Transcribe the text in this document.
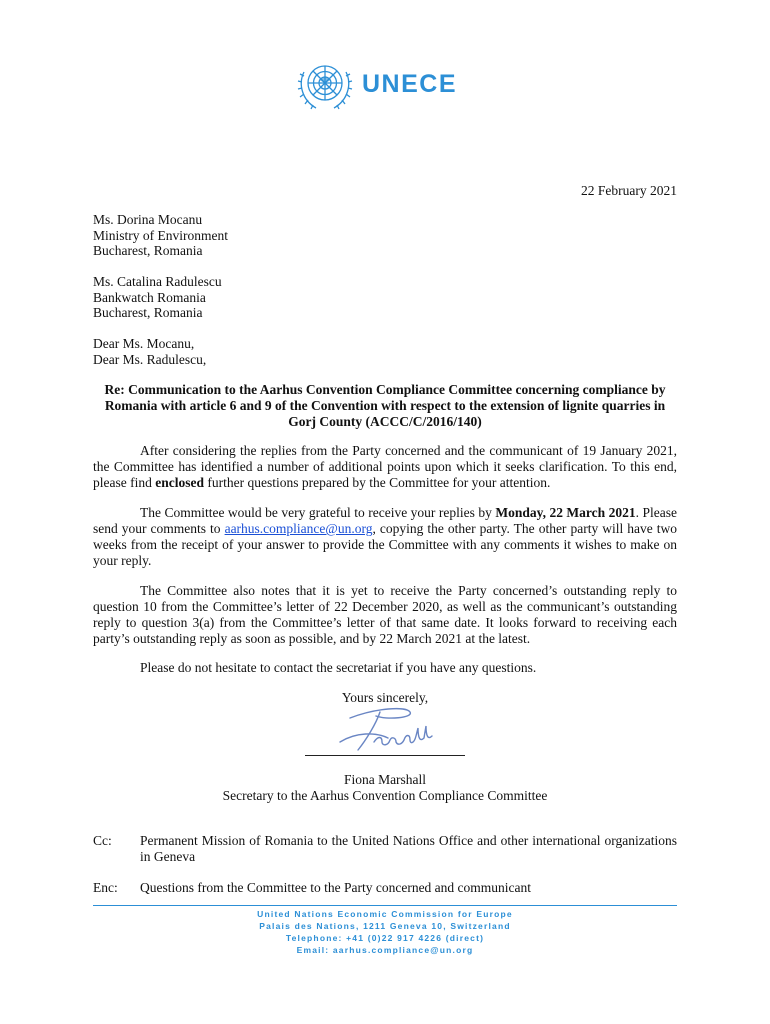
UNECE
22 February 2021
Ms. Dorina Mocanu
Ministry of Environment
Bucharest, Romania
Ms. Catalina Radulescu
Bankwatch Romania
Bucharest, Romania
Dear Ms. Mocanu,
Dear Ms. Radulescu,
Re: Communication to the Aarhus Convention Compliance Committee concerning compliance by Romania with article 6 and 9 of the Convention with respect to the extension of lignite quarries in Gorj County (ACCC/C/2016/140)

After considering the replies from the Party concerned and the communicant of 19 January 2021, the Committee has identified a number of additional points upon which it seeks clarification. To this end, please find enclosed further questions prepared by the Committee for your attention.

The Committee would be very grateful to receive your replies by Monday, 22 March 2021. Please send your comments to aarhus.compliance@un.org, copying the other party. The other party will have two weeks from the receipt of your answer to provide the Committee with any comments it wishes to make on your reply.

The Committee also notes that it is yet to receive the Party concerned’s outstanding reply to question 10 from the Committee’s letter of 22 December 2020, as well as the communicant’s outstanding reply to question 3(a) from the Committee’s letter of that same date. It looks forward to receiving each party’s outstanding reply as soon as possible, and by 22 March 2021 at the latest.

Please do not hesitate to contact the secretariat if you have any questions.

Yours sincerely,
Fiona Marshall
Secretary to the Aarhus Convention Compliance Committee
Cc:	Permanent Mission of Romania to the United Nations Office and other international organizations in Geneva
Enc:	Questions from the Committee to the Party concerned and communicant
United Nations Economic Commission for Europe
Palais des Nations, 1211 Geneva 10, Switzerland
Telephone: +41 (0)22 917 4226 (direct)
Email: aarhus.compliance@un.org
